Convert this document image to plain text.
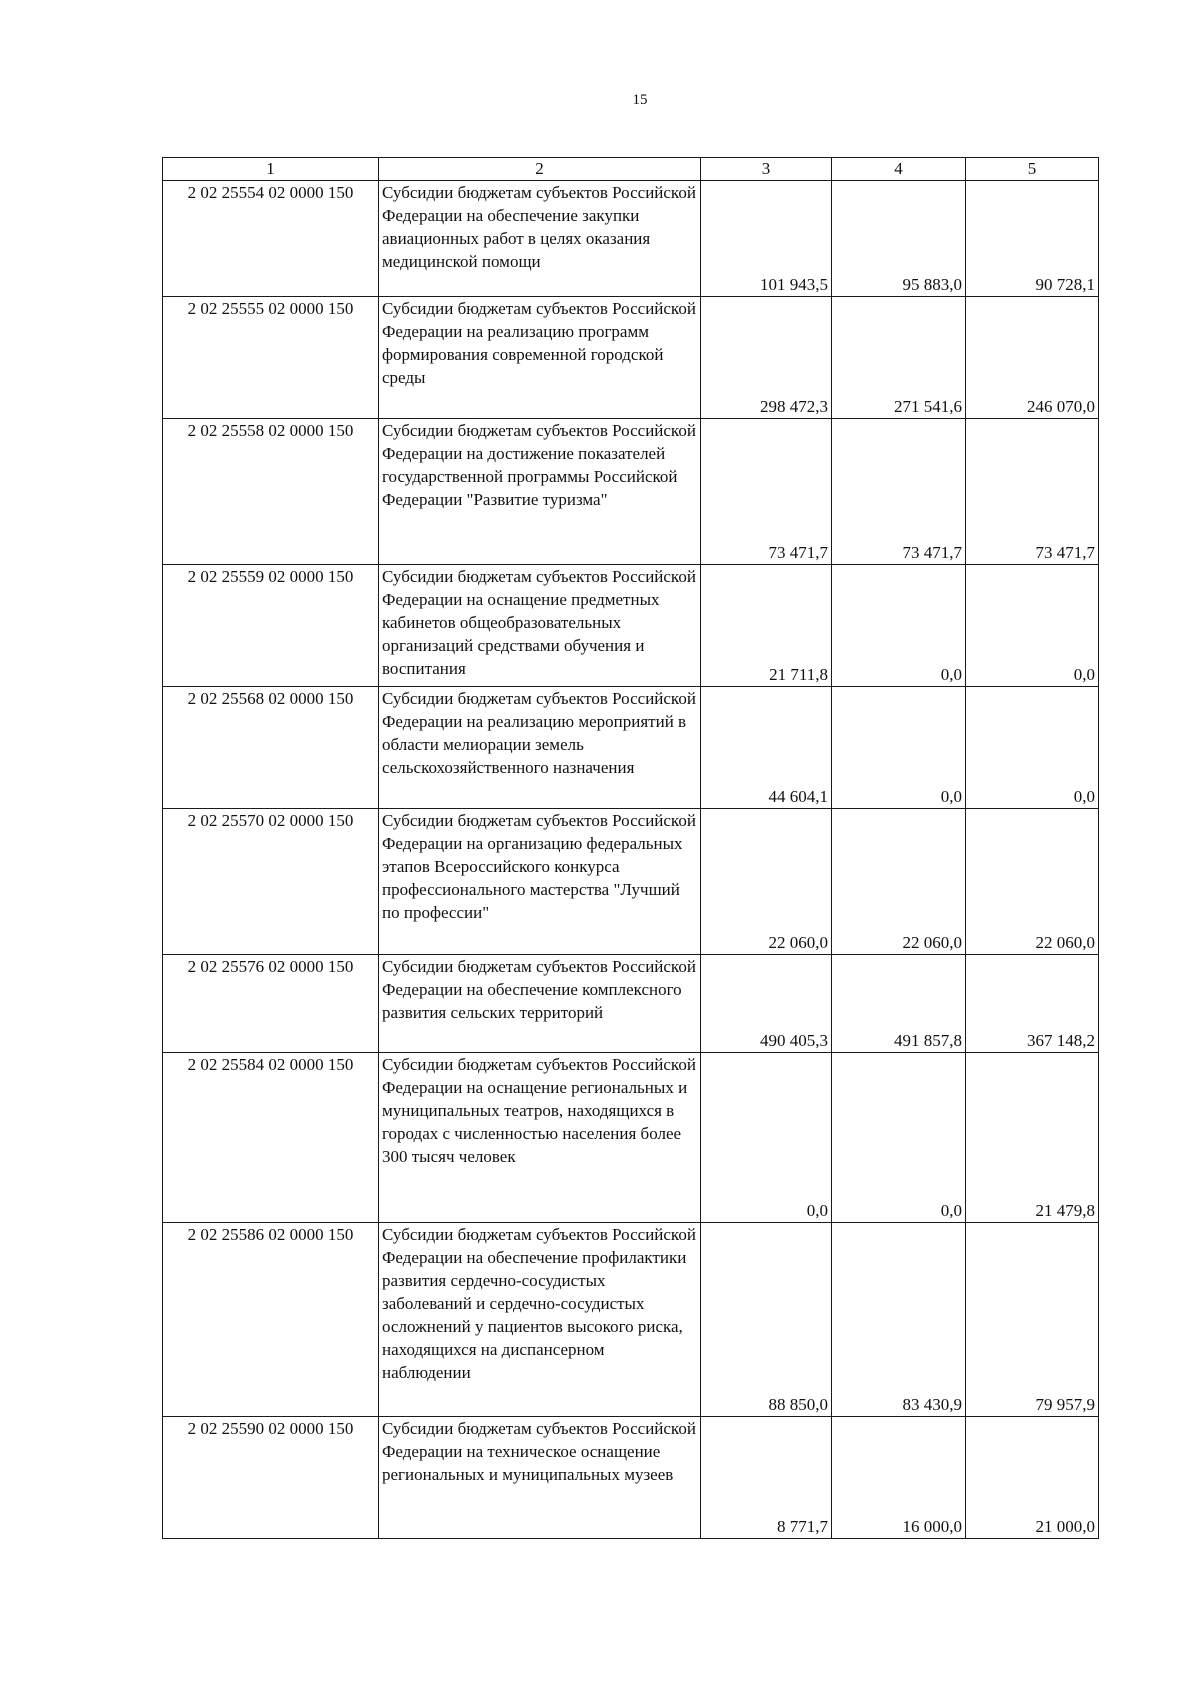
15
1	2	3	4	5
2 02 25554 02 0000 150	Субсидии бюджетам субъектов Российской Федерации на обеспечение закупки авиационных работ в целях оказания медицинской помощи	101 943,5	95 883,0	90 728,1
2 02 25555 02 0000 150	Субсидии бюджетам субъектов Российской Федерации на реализацию программ формирования современной городской среды	298 472,3	271 541,6	246 070,0
2 02 25558 02 0000 150	Субсидии бюджетам субъектов Российской Федерации на достижение показателей государственной программы Российской Федерации "Развитие туризма"	73 471,7	73 471,7	73 471,7
2 02 25559 02 0000 150	Субсидии бюджетам субъектов Российской Федерации на оснащение предметных кабинетов общеобразовательных организаций средствами обучения и воспитания	21 711,8	0,0	0,0
2 02 25568 02 0000 150	Субсидии бюджетам субъектов Российской Федерации на реализацию мероприятий в области мелиорации земель сельскохозяйственного назначения	44 604,1	0,0	0,0
2 02 25570 02 0000 150	Субсидии бюджетам субъектов Российской Федерации на организацию федеральных этапов Всероссийского конкурса профессионального мастерства "Лучший по профессии"	22 060,0	22 060,0	22 060,0
2 02 25576 02 0000 150	Субсидии бюджетам субъектов Российской Федерации на обеспечение комплексного развития сельских территорий	490 405,3	491 857,8	367 148,2
2 02 25584 02 0000 150	Субсидии бюджетам субъектов Российской Федерации на оснащение региональных и муниципальных театров, находящихся в городах с численностью населения более 300 тысяч человек	0,0	0,0	21 479,8
2 02 25586 02 0000 150	Субсидии бюджетам субъектов Российской Федерации на обеспечение профилактики развития сердечно-сосудистых заболеваний и сердечно-сосудистых осложнений у пациентов высокого риска, находящихся на диспансерном наблюдении	88 850,0	83 430,9	79 957,9
2 02 25590 02 0000 150	Субсидии бюджетам субъектов Российской Федерации на техническое оснащение региональных и муниципальных музеев	8 771,7	16 000,0	21 000,0
